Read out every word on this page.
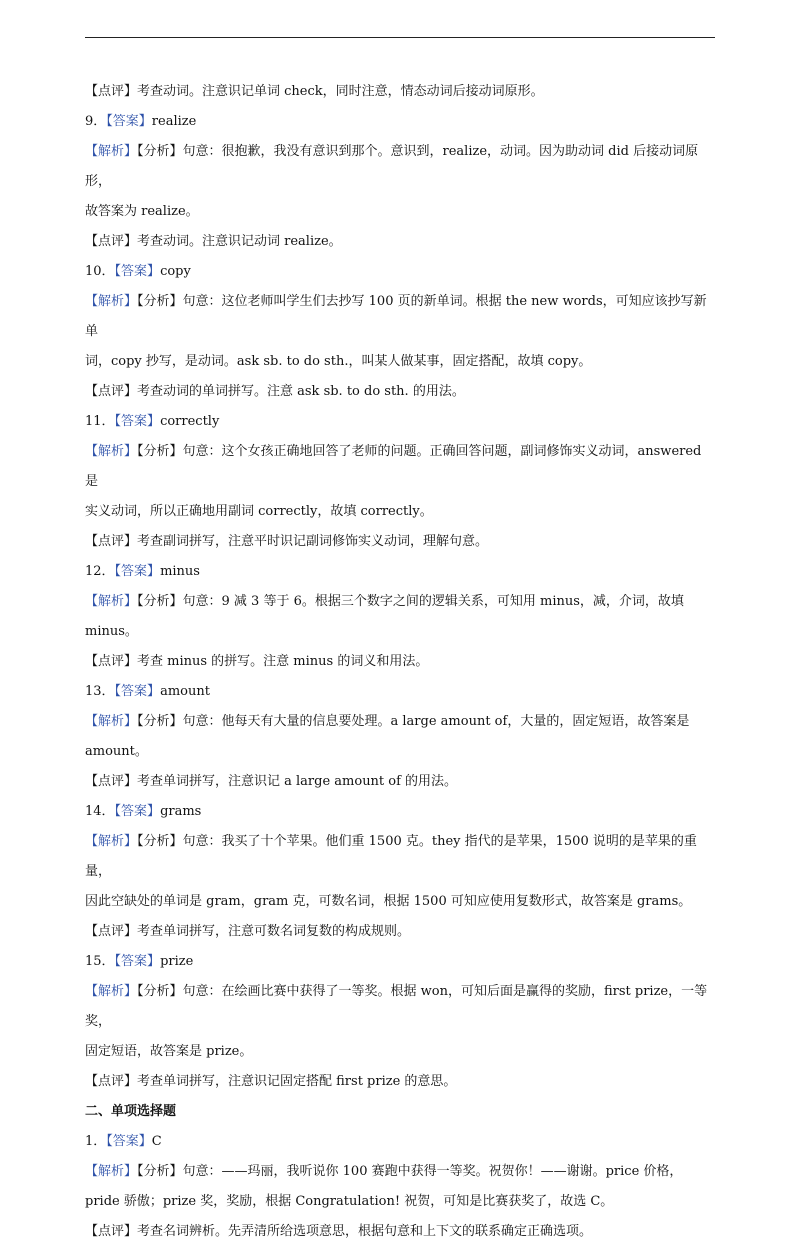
【点评】考查动词。注意识记单词 check，同时注意，情态动词后接动词原形。
9．【答案】realize
【解析】【分析】句意：很抱歉，我没有意识到那个。意识到，realize，动词。因为助动词 did 后接动词原形，
故答案为 realize。
【点评】考查动词。注意识记动词 realize。
10．【答案】copy
【解析】【分析】句意：这位老师叫学生们去抄写 100 页的新单词。根据 the new words，可知应该抄写新单
词，copy 抄写，是动词。ask sb. to do sth.，叫某人做某事，固定搭配，故填 copy。
【点评】考查动词的单词拼写。注意 ask sb. to do sth. 的用法。
11．【答案】correctly
【解析】【分析】句意：这个女孩正确地回答了老师的问题。正确回答问题，副词修饰实义动词，answered 是
实义动词，所以正确地用副词 correctly，故填 correctly。
【点评】考查副词拼写，注意平时识记副词修饰实义动词，理解句意。
12．【答案】minus
【解析】【分析】句意：9 减 3 等于 6。根据三个数字之间的逻辑关系，可知用 minus，减，介词，故填 minus。
【点评】考查 minus 的拼写。注意 minus 的词义和用法。
13．【答案】amount
【解析】【分析】句意：他每天有大量的信息要处理。a large amount of，大量的，固定短语，故答案是
amount。
【点评】考查单词拼写，注意识记 a large amount of 的用法。
14．【答案】grams
【解析】【分析】句意：我买了十个苹果。他们重 1500 克。they 指代的是苹果，1500 说明的是苹果的重量，
因此空缺处的单词是 gram，gram 克，可数名词，根据 1500 可知应使用复数形式，故答案是 grams。
【点评】考查单词拼写，注意可数名词复数的构成规则。
15．【答案】prize
【解析】【分析】句意：在绘画比赛中获得了一等奖。根据 won，可知后面是赢得的奖励，first prize，一等奖，
固定短语，故答案是 prize。
【点评】考查单词拼写，注意识记固定搭配 first prize 的意思。
二、单项选择题
1．【答案】C
【解析】【分析】句意：——玛丽，我听说你 100 赛跑中获得一等奖。祝贺你！——谢谢。price 价格，
pride 骄傲；prize 奖，奖励，根据 Congratulation! 祝贺，可知是比赛获奖了，故选 C。
【点评】考查名词辨析。先弄清所给选项意思，根据句意和上下文的联系确定正确选项。
